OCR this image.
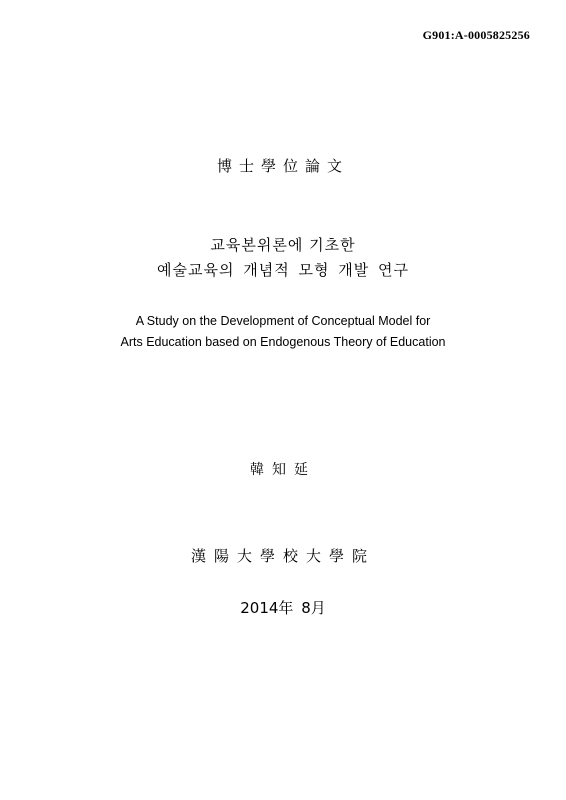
G901:A-0005825256
博士學位論文
교육본위론에 기초한
예술교육의 개념적 모형 개발 연구
A Study on the Development of Conceptual Model for
Arts Education based on Endogenous Theory of Education
韓知延
漢陽大學校大學院
2014年 8月
